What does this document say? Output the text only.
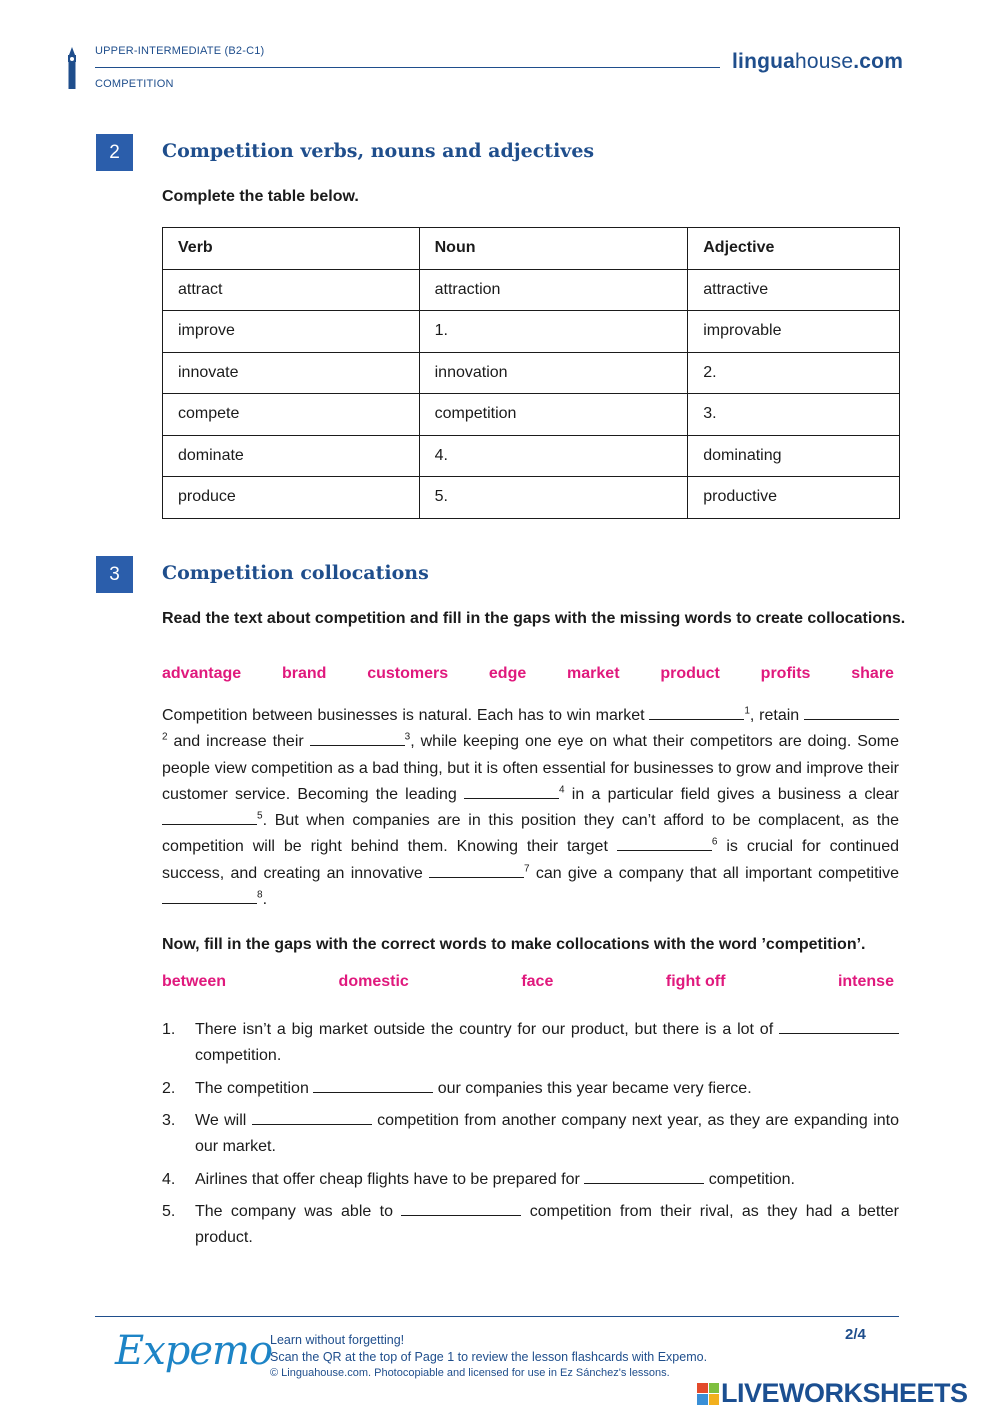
UPPER-INTERMEDIATE (B2-C1)
COMPETITION
linguahouse.com
2	Competition verbs, nouns and adjectives
Complete the table below.
Verb	Noun	Adjective
attract	attraction	attractive
improve	1.	improvable
innovate	innovation	2.
compete	competition	3.
dominate	4.	dominating
produce	5.	productive
3	Competition collocations
Read the text about competition and fill in the gaps with the missing words to create collocations.
advantage	brand	customers	edge	market	product	profits	share
Competition between businesses is natural. Each has to win market	$^1$, retain $^2$ and increase their	$^3$, while keeping one eye on what their competitors are doing. Some people view competition as a bad thing, but it is often essential for businesses to grow and improve their customer service. Becoming the leading	$^4$ in a particular field gives a business a clear $^5$. But when companies are in this position they can’t afford to be complacent, as the competition will be right behind them. Knowing their target	$^6$ is crucial for continued success, and creating an innovative	$^7$ can give a company that all important competitive $^8$.
Now, fill in the gaps with the correct words to make collocations with the word ’competition’.
between	domestic	face	fight off	intense
1. There isn’t a big market outside the country for our product, but there is a lot of  competition.
2. The competition	our companies this year became very fierce.
3. We will	competition from another company next year, as they are expanding into our market.
4. Airlines that offer cheap flights have to be prepared for	competition.
5. The company was able to	competition from their rival, as they had a better product.
Expemo
Learn without forgetting!
Scan the QR at the top of Page 1 to review the lesson flashcards with Expemo.
© Linguahouse.com. Photocopiable and licensed for use in Ez Sánchez's lessons.
2/4
LIVEWORKSHEETS
